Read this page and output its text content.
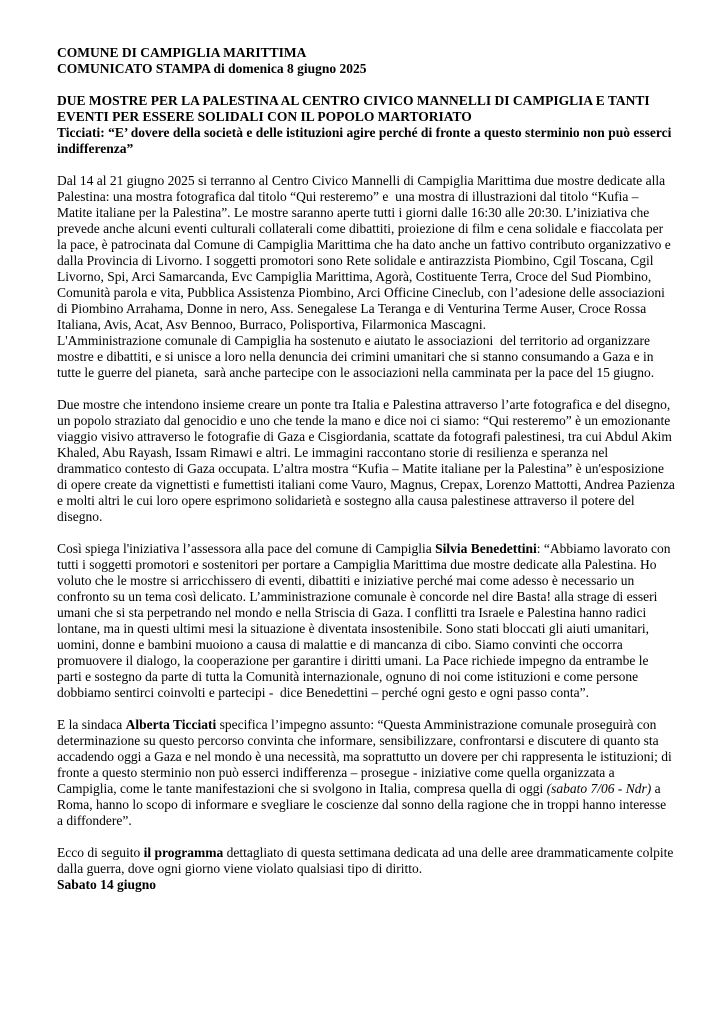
COMUNE DI CAMPIGLIA MARITTIMA

COMUNICATO STAMPA di domenica 8 giugno 2025

DUE MOSTRE PER LA PALESTINA AL CENTRO CIVICO MANNELLI DI CAMPIGLIA E TANTI EVENTI PER ESSERE SOLIDALI CON IL POPOLO MARTORIATO

Ticciati: “E’ dovere della società e delle istituzioni agire perché di fronte a questo sterminio non può esserci indifferenza”

Dal 14 al 21 giugno 2025 si terranno al Centro Civico Mannelli di Campiglia Marittima due mostre dedicate alla Palestina: una mostra fotografica dal titolo “Qui resteremo” e  una mostra di illustrazioni dal titolo “Kufia – Matite italiane per la Palestina”. Le mostre saranno aperte tutti i giorni dalle 16:30 alle 20:30. L’iniziativa che prevede anche alcuni eventi culturali collaterali come dibattiti, proiezione di film e cena solidale e fiaccolata per la pace, è patrocinata dal Comune di Campiglia Marittima che ha dato anche un fattivo contributo organizzativo e dalla Provincia di Livorno. I soggetti promotori sono Rete solidale e antirazzista Piombino, Cgil Toscana, Cgil Livorno, Spi, Arci Samarcanda, Evc Campiglia Marittima, Agorà, Costituente Terra, Croce del Sud Piombino, Comunità parola e vita, Pubblica Assistenza Piombino, Arci Officine Cineclub, con l’adesione delle associazioni di Piombino Arrahama, Donne in nero, Ass. Senegalese La Teranga e di Venturina Terme Auser, Croce Rossa Italiana, Avis, Acat, Asv Bennoo, Burraco, Polisportiva, Filarmonica Mascagni.

L'Amministrazione comunale di Campiglia ha sostenuto e aiutato le associazioni  del territorio ad organizzare mostre e dibattiti, e si unisce a loro nella denuncia dei crimini umanitari che si stanno consumando a Gaza e in tutte le guerre del pianeta,  sarà anche partecipe con le associazioni nella camminata per la pace del 15 giugno.

Due mostre che intendono insieme creare un ponte tra Italia e Palestina attraverso l’arte fotografica e del disegno, un popolo straziato dal genocidio e uno che tende la mano e dice noi ci siamo: “Qui resteremo” è un emozionante viaggio visivo attraverso le fotografie di Gaza e Cisgiordania, scattate da fotografi palestinesi, tra cui Abdul Akim Khaled, Abu Rayash, Issam Rimawi e altri. Le immagini raccontano storie di resilienza e speranza nel drammatico contesto di Gaza occupata. L’altra mostra “Kufia – Matite italiane per la Palestina” è un'esposizione di opere create da vignettisti e fumettisti italiani come Vauro, Magnus, Crepax, Lorenzo Mattotti, Andrea Pazienza e molti altri le cui loro opere esprimono solidarietà e sostegno alla causa palestinese attraverso il potere del disegno.

Così spiega l'iniziativa l’assessora alla pace del comune di Campiglia Silvia Benedettini: “Abbiamo lavorato con tutti i soggetti promotori e sostenitori per portare a Campiglia Marittima due mostre dedicate alla Palestina. Ho voluto che le mostre si arricchissero di eventi, dibattiti e iniziative perché mai come adesso è necessario un confronto su un tema così delicato. L’amministrazione comunale è concorde nel dire Basta! alla strage di esseri umani che si sta perpetrando nel mondo e nella Striscia di Gaza. I conflitti tra Israele e Palestina hanno radici lontane, ma in questi ultimi mesi la situazione è diventata insostenibile. Sono stati bloccati gli aiuti umanitari, uomini, donne e bambini muoiono a causa di malattie e di mancanza di cibo. Siamo convinti che occorra promuovere il dialogo, la cooperazione per garantire i diritti umani. La Pace richiede impegno da entrambe le parti e sostegno da parte di tutta la Comunità internazionale, ognuno di noi come istituzioni e come persone dobbiamo sentirci coinvolti e partecipi -  dice Benedettini – perché ogni gesto e ogni passo conta”.

E la sindaca Alberta Ticciati specifica l’impegno assunto: “Questa Amministrazione comunale proseguirà con determinazione su questo percorso convinta che informare, sensibilizzare, confrontarsi e discutere di quanto sta accadendo oggi a Gaza e nel mondo è una necessità, ma soprattutto un dovere per chi rappresenta le istituzioni; di fronte a questo sterminio non può esserci indifferenza – prosegue - iniziative come quella organizzata a Campiglia, come le tante manifestazioni che si svolgono in Italia, compresa quella di oggi (sabato 7/06 - Ndr) a Roma, hanno lo scopo di informare e svegliare le coscienze dal sonno della ragione che in troppi hanno interesse a diffondere”.

Ecco di seguito il programma dettagliato di questa settimana dedicata ad una delle aree drammaticamente colpite dalla guerra, dove ogni giorno viene violato qualsiasi tipo di diritto.

Sabato 14 giugno
